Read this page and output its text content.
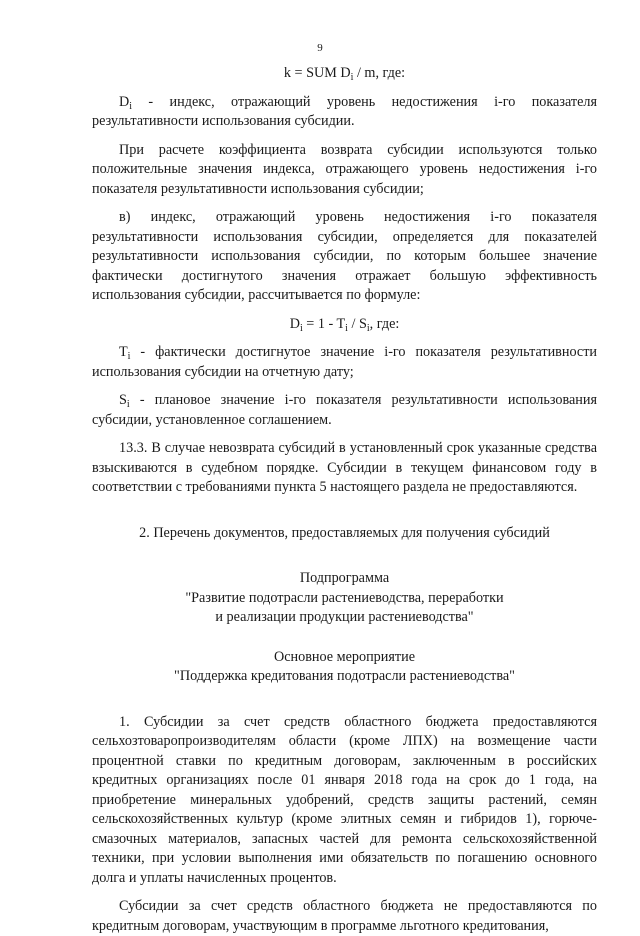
9

k = SUM $D_i$ / m, где:

$D_i$ - индекс, отражающий уровень недостижения i-го показателя результативности использования субсидии.

При расчете коэффициента возврата субсидии используются только положительные значения индекса, отражающего уровень недостижения i-го показателя результативности использования субсидии;

в) индекс, отражающий уровень недостижения i-го показателя результативности использования субсидии, определяется для показателей результативности использования субсидии, по которым большее значение фактически достигнутого значения отражает большую эффективность использования субсидии, рассчитывается по формуле:

$D_i = 1 - T_i / S_i$, где:

$T_i$ - фактически достигнутое значение i-го показателя результативности использования субсидии на отчетную дату;

$S_i$ - плановое значение i-го показателя результативности использования субсидии, установленное соглашением.

13.3. В случае невозврата субсидий в установленный срок указанные средства взыскиваются в судебном порядке. Субсидии в текущем финансовом году в соответствии с требованиями пункта 5 настоящего раздела не предоставляются.

2. Перечень документов, предоставляемых для получения субсидий

Подпрограмма

"Развитие подотрасли растениеводства, переработки

и реализации продукции растениеводства"

Основное мероприятие

"Поддержка кредитования подотрасли растениеводства"

1. Субсидии за счет средств областного бюджета предоставляются сельхозтоваропроизводителям области (кроме ЛПХ) на возмещение части процентной ставки по кредитным договорам, заключенным в российских кредитных организациях после 01 января 2018 года на срок до 1 года, на приобретение минеральных удобрений, средств защиты растений, семян сельскохозяйственных культур (кроме элитных семян и гибридов 1), горюче-смазочных материалов, запасных частей для ремонта сельскохозяйственной техники, при условии выполнения ими обязательств по погашению основного долга и уплаты начисленных процентов.

Субсидии за счет средств областного бюджета не предоставляются по кредитным договорам, участвующим в программе льготного кредитования,
